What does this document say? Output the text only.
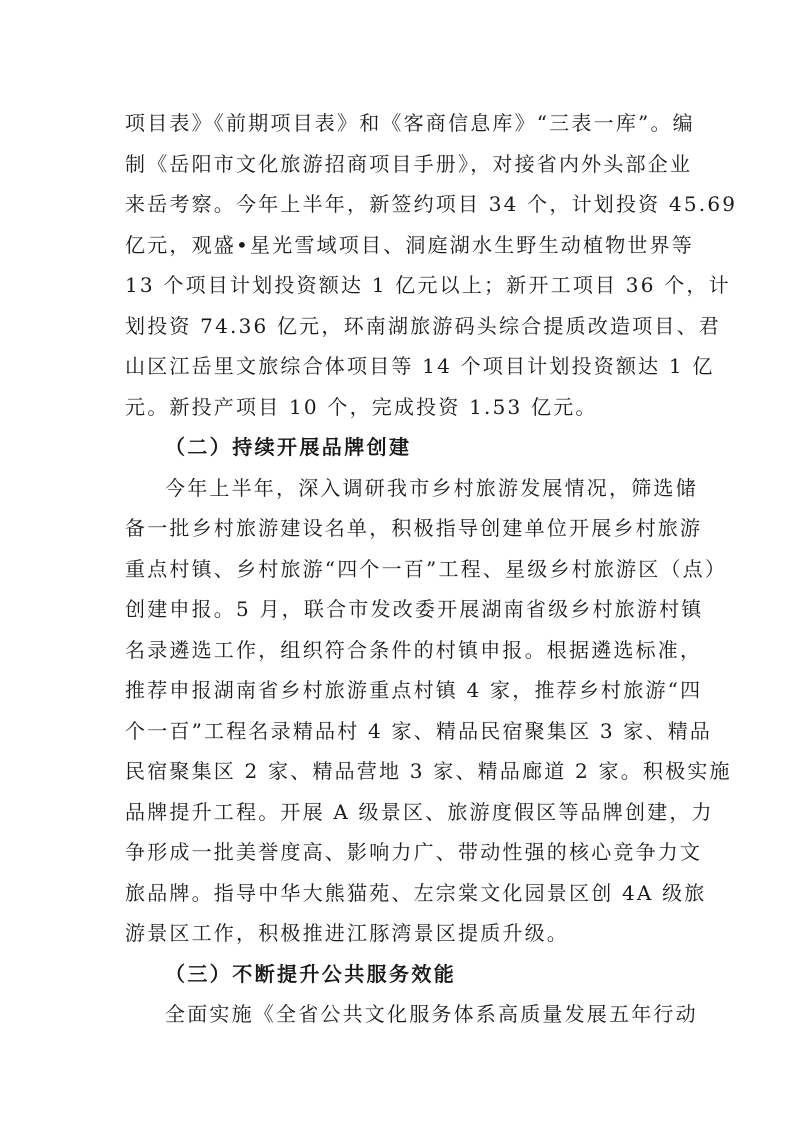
项目表》《前期项目表》和《客商信息库》“三表一库”。编
制《岳阳市文化旅游招商项目手册》，对接省内外头部企业
来岳考察。今年上半年，新签约项目 34 个，计划投资 45.69
亿元，观盛•星光雪域项目、洞庭湖水生野生动植物世界等
13 个项目计划投资额达 1 亿元以上；新开工项目 36 个，计
划投资 74.36 亿元，环南湖旅游码头综合提质改造项目、君
山区江岳里文旅综合体项目等 14 个项目计划投资额达 1 亿
元。新投产项目 10 个，完成投资 1.53 亿元。
（二）持续开展品牌创建
今年上半年，深入调研我市乡村旅游发展情况，筛选储
备一批乡村旅游建设名单，积极指导创建单位开展乡村旅游
重点村镇、乡村旅游“四个一百”工程、星级乡村旅游区（点）
创建申报。5 月，联合市发改委开展湖南省级乡村旅游村镇
名录遴选工作，组织符合条件的村镇申报。根据遴选标准，
推荐申报湖南省乡村旅游重点村镇 4 家，推荐乡村旅游“四
个一百”工程名录精品村 4 家、精品民宿聚集区 3 家、精品
民宿聚集区 2 家、精品营地 3 家、精品廊道 2 家。积极实施
品牌提升工程。开展 A 级景区、旅游度假区等品牌创建，力
争形成一批美誉度高、影响力广、带动性强的核心竞争力文
旅品牌。指导中华大熊猫苑、左宗棠文化园景区创 4A 级旅
游景区工作，积极推进江豚湾景区提质升级。
（三）不断提升公共服务效能
全面实施《全省公共文化服务体系高质量发展五年行动
